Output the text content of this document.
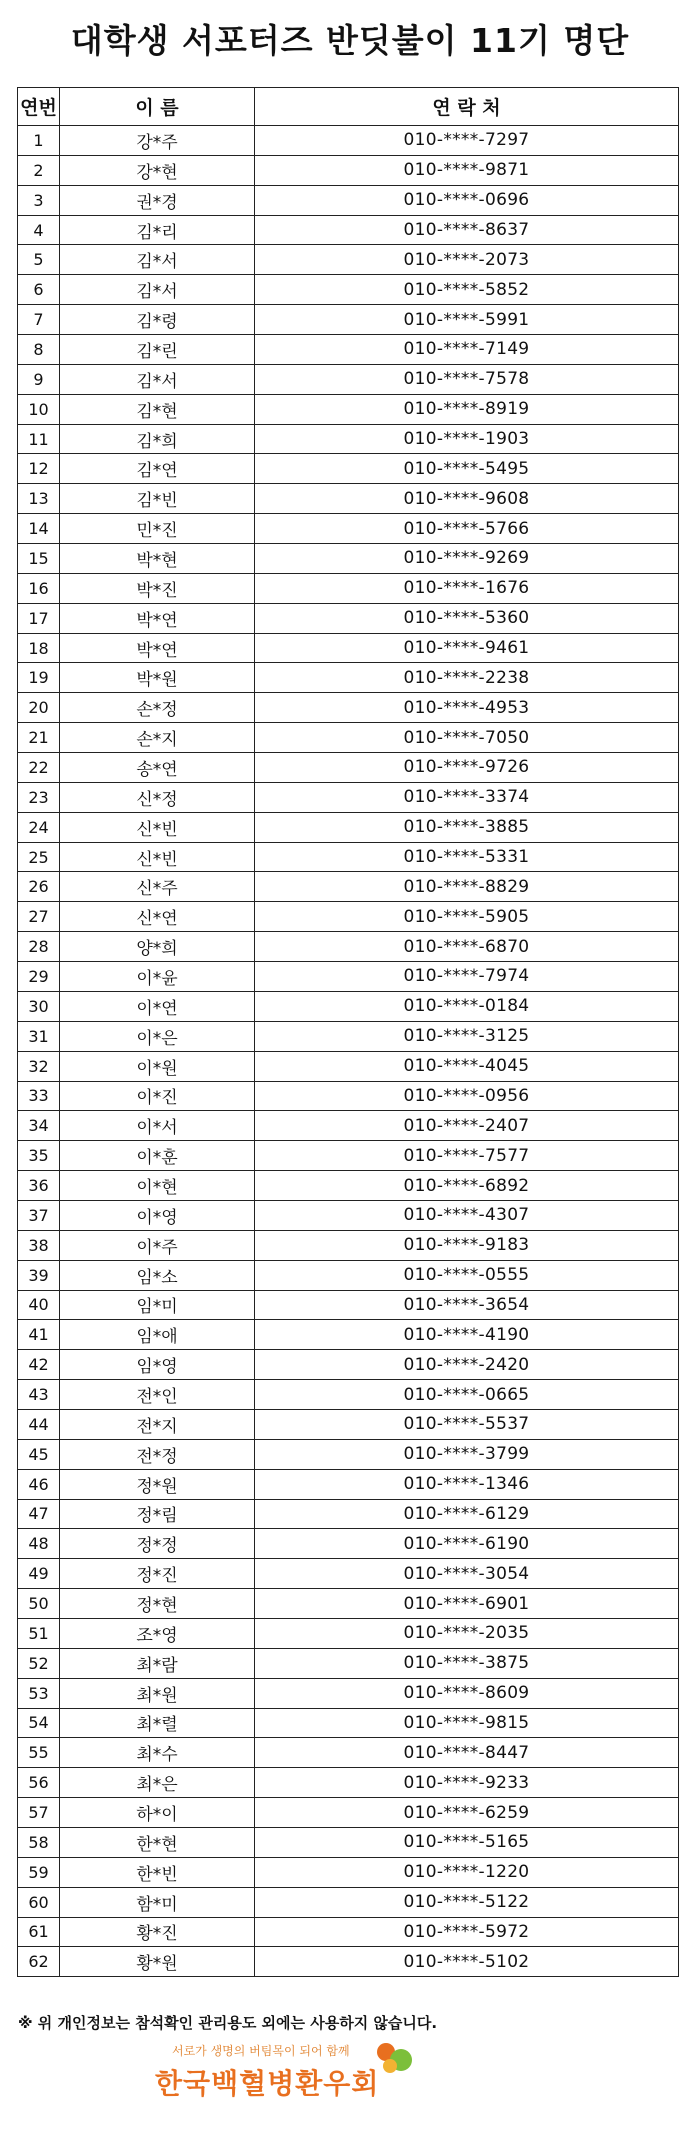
대학생 서포터즈 반딧불이 11기 명단
연번	이 름	연 락 처
1	강*주	010-****-7297
2	강*현	010-****-9871
3	권*경	010-****-0696
4	김*리	010-****-8637
5	김*서	010-****-2073
6	김*서	010-****-5852
7	김*령	010-****-5991
8	김*린	010-****-7149
9	김*서	010-****-7578
10	김*현	010-****-8919
11	김*희	010-****-1903
12	김*연	010-****-5495
13	김*빈	010-****-9608
14	민*진	010-****-5766
15	박*현	010-****-9269
16	박*진	010-****-1676
17	박*연	010-****-5360
18	박*연	010-****-9461
19	박*원	010-****-2238
20	손*정	010-****-4953
21	손*지	010-****-7050
22	송*연	010-****-9726
23	신*정	010-****-3374
24	신*빈	010-****-3885
25	신*빈	010-****-5331
26	신*주	010-****-8829
27	신*연	010-****-5905
28	양*희	010-****-6870
29	이*윤	010-****-7974
30	이*연	010-****-0184
31	이*은	010-****-3125
32	이*원	010-****-4045
33	이*진	010-****-0956
34	이*서	010-****-2407
35	이*훈	010-****-7577
36	이*현	010-****-6892
37	이*영	010-****-4307
38	이*주	010-****-9183
39	임*소	010-****-0555
40	임*미	010-****-3654
41	임*애	010-****-4190
42	임*영	010-****-2420
43	전*인	010-****-0665
44	전*지	010-****-5537
45	전*정	010-****-3799
46	정*원	010-****-1346
47	정*림	010-****-6129
48	정*정	010-****-6190
49	정*진	010-****-3054
50	정*현	010-****-6901
51	조*영	010-****-2035
52	최*람	010-****-3875
53	최*원	010-****-8609
54	최*렬	010-****-9815
55	최*수	010-****-8447
56	최*은	010-****-9233
57	하*이	010-****-6259
58	한*현	010-****-5165
59	한*빈	010-****-1220
60	함*미	010-****-5122
61	황*진	010-****-5972
62	황*원	010-****-5102
※ 위 개인정보는 참석확인 관리용도 외에는 사용하지 않습니다.
서로가 생명의 버팀목이 되어 함께
한국백혈병환우회
